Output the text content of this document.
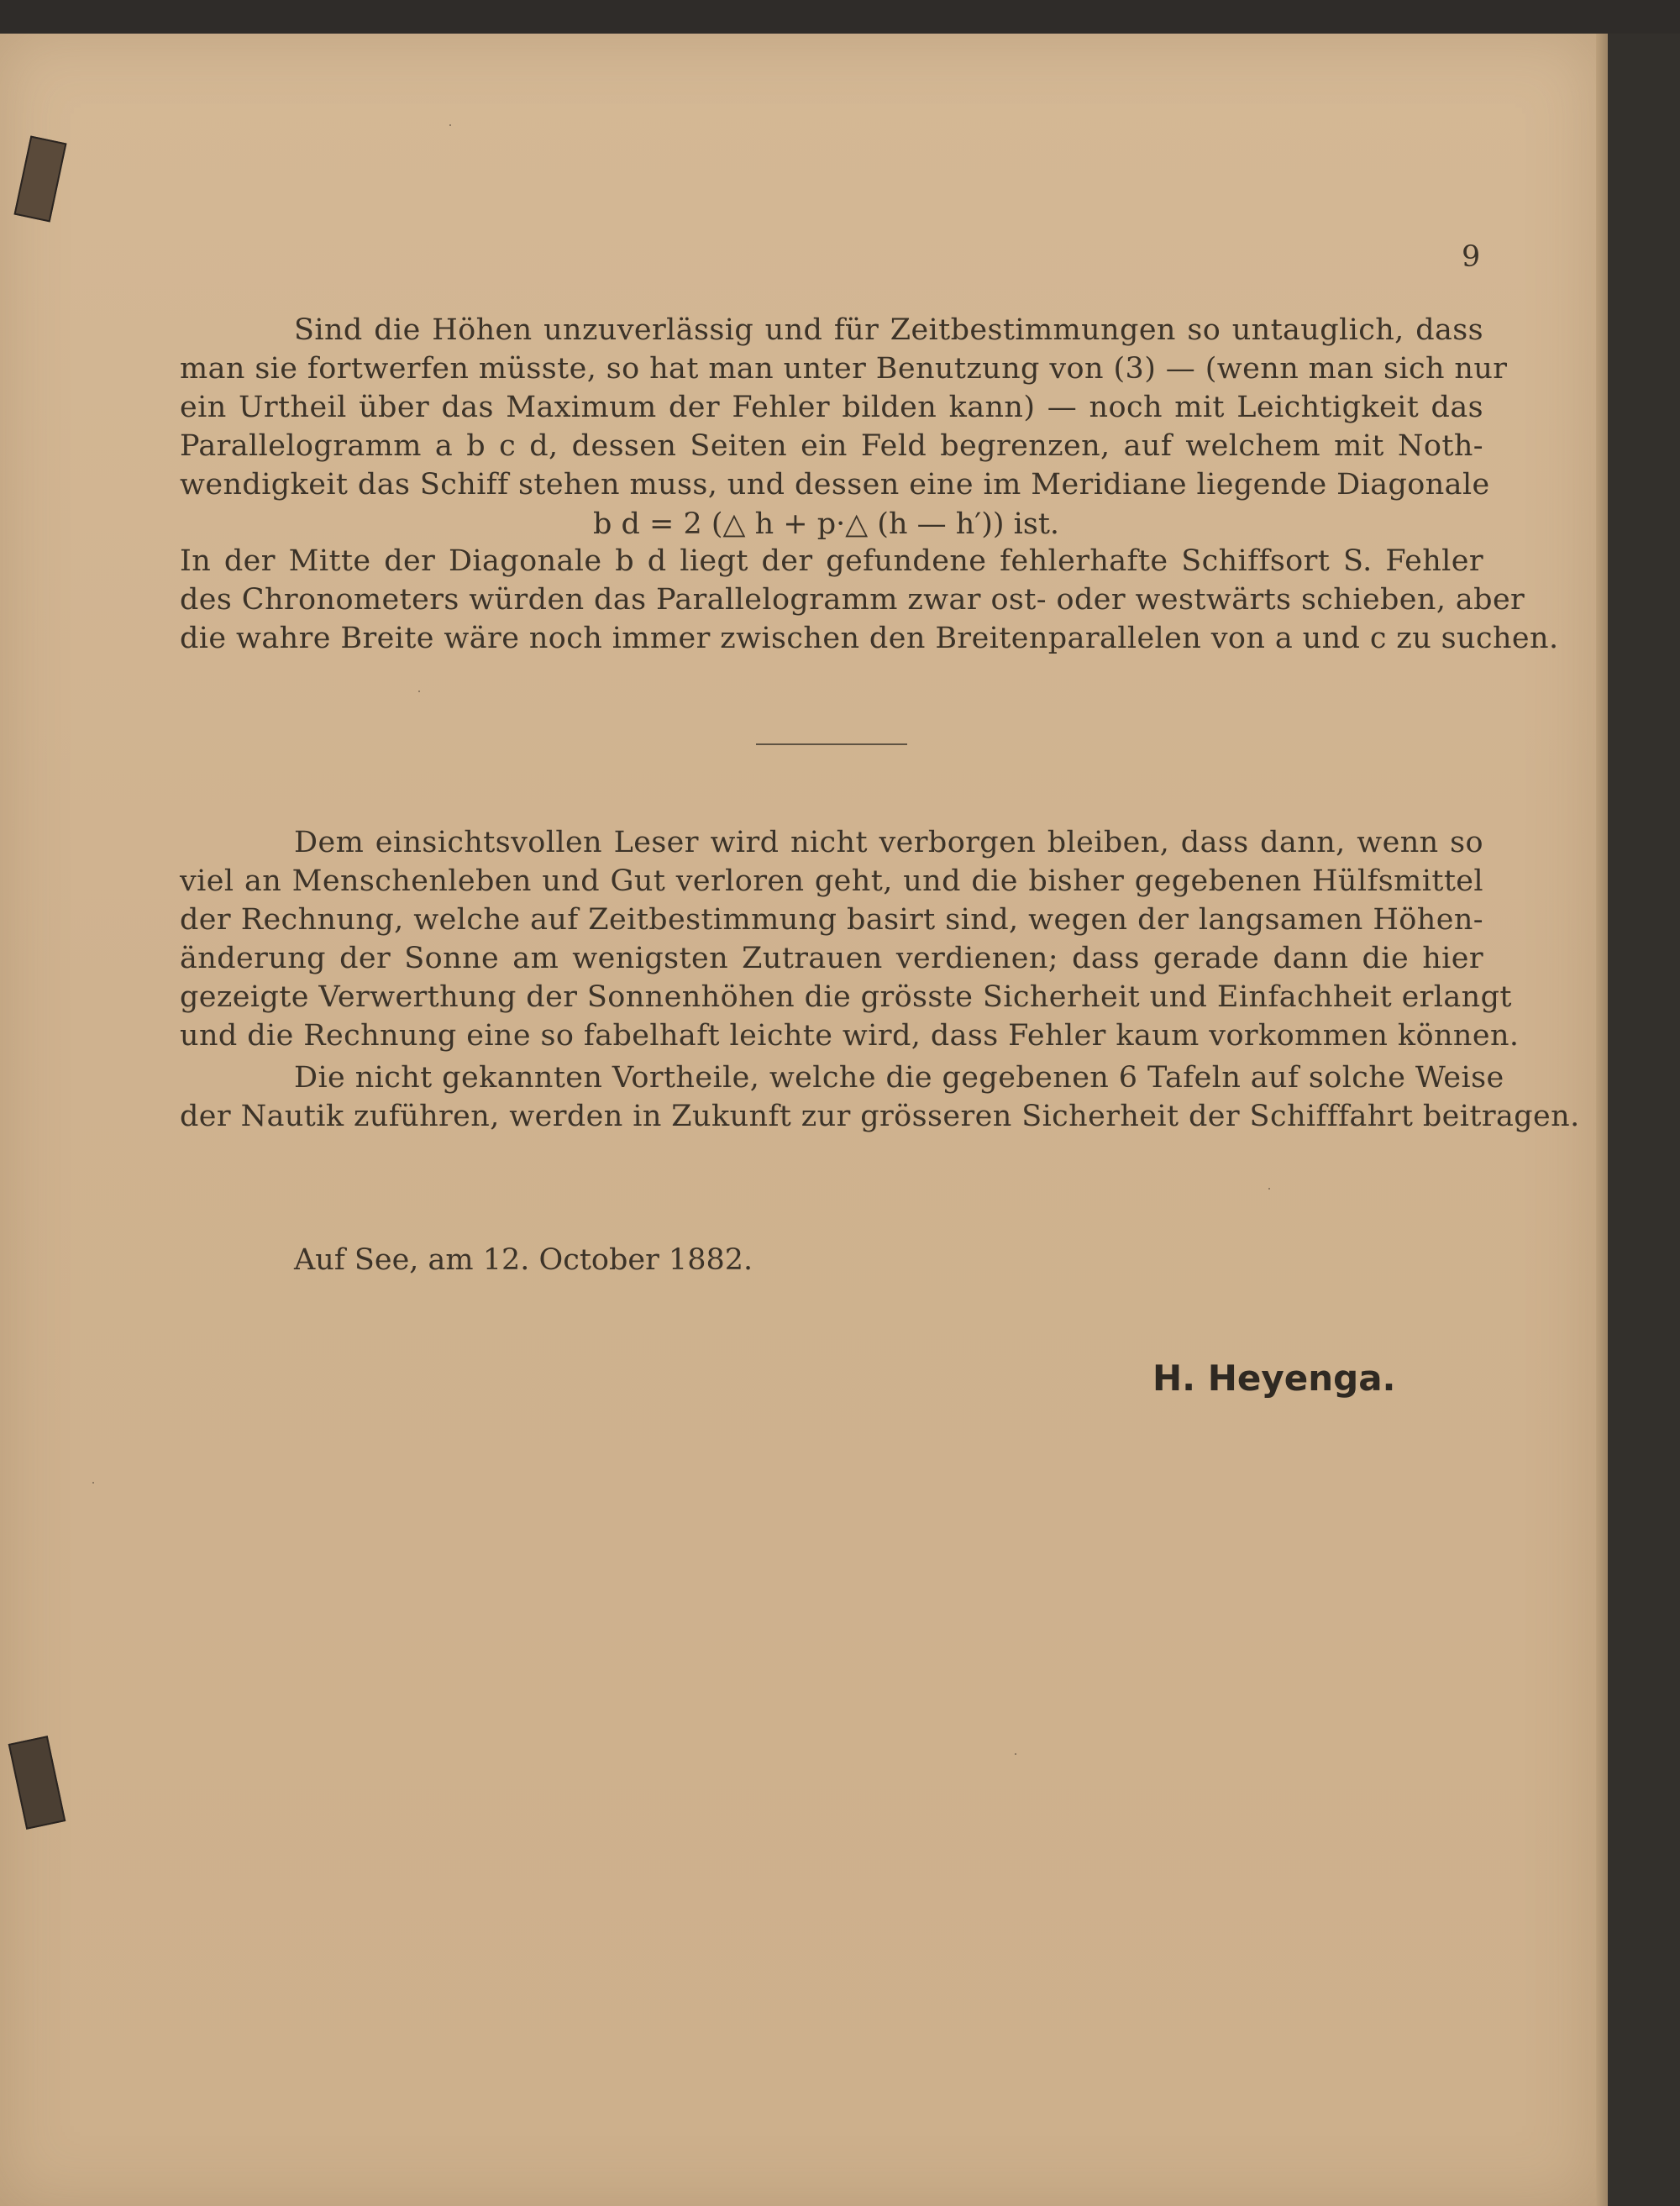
9
Sind die Höhen unzuverlässig und für Zeitbestimmungen so untauglich, dass
man sie fortwerfen müsste, so hat man unter Benutzung von (3) — (wenn man sich nur
ein Urtheil über das Maximum der Fehler bilden kann) — noch mit Leichtigkeit das
Parallelogramm a b c d, dessen Seiten ein Feld begrenzen, auf welchem mit Noth-
wendigkeit das Schiff stehen muss, und dessen eine im Meridiane liegende Diagonale
b d = 2 (△ h + p·△ (h — h′)) ist.
In der Mitte der Diagonale b d liegt der gefundene fehlerhafte Schiffsort S. Fehler
des Chronometers würden das Parallelogramm zwar ost- oder westwärts schieben, aber
die wahre Breite wäre noch immer zwischen den Breitenparallelen von a und c zu suchen.
Dem einsichtsvollen Leser wird nicht verborgen bleiben, dass dann, wenn so
viel an Menschenleben und Gut verloren geht, und die bisher gegebenen Hülfsmittel
der Rechnung, welche auf Zeitbestimmung basirt sind, wegen der langsamen Höhen-
änderung der Sonne am wenigsten Zutrauen verdienen; dass gerade dann die hier
gezeigte Verwerthung der Sonnenhöhen die grösste Sicherheit und Einfachheit erlangt
und die Rechnung eine so fabelhaft leichte wird, dass Fehler kaum vorkommen können.
Die nicht gekannten Vortheile, welche die gegebenen 6 Tafeln auf solche Weise
der Nautik zuführen, werden in Zukunft zur grösseren Sicherheit der Schifffahrt beitragen.
Auf See, am 12. October 1882.
H. Heyenga.
